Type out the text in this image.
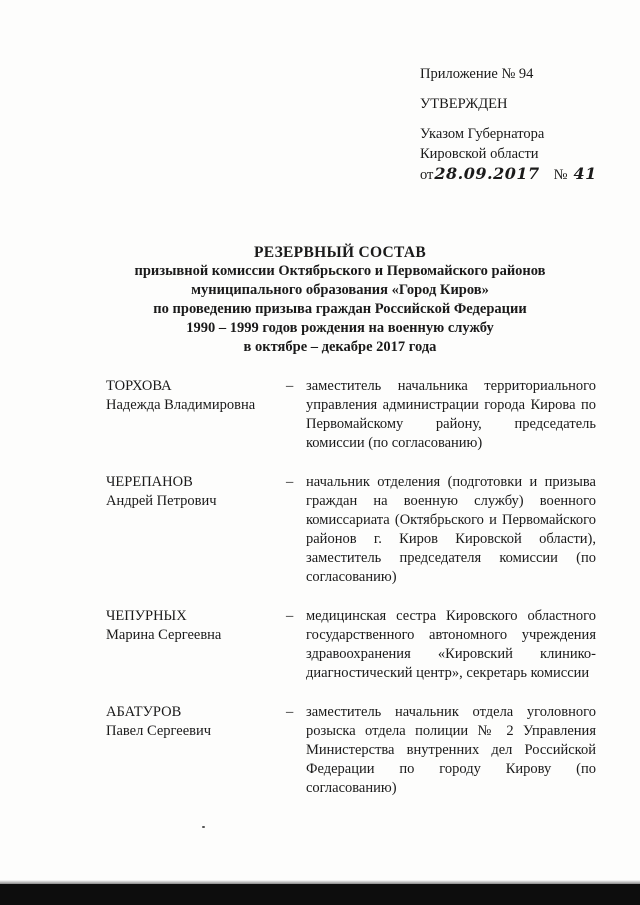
Приложение № 94
УТВЕРЖДЕН
Указом Губернатора
Кировской области
от 28.09.2017 № 41
РЕЗЕРВНЫЙ СОСТАВ
призывной комиссии Октябрьского и Первомайского районов
муниципального образования «Город Киров»
по проведению призыва граждан Российской Федерации
1990 – 1999 годов рождения на военную службу
в октябре – декабре 2017 года
ТОРХОВА
Надежда Владимировна
– заместитель начальника территориального управления администрации города Кирова по Первомайскому району, председатель комиссии (по согласованию)
ЧЕРЕПАНОВ
Андрей Петрович
– начальник отделения (подготовки и призыва граждан на военную службу) военного комиссариата (Октябрьского и Первомайского районов г. Киров Кировской области), заместитель председателя комиссии (по согласованию)
ЧЕПУРНЫХ
Марина Сергеевна
– медицинская сестра Кировского областного государственного автономного учреждения здравоохранения «Кировский клинико-диагностический центр», секретарь комиссии
АБАТУРОВ
Павел Сергеевич
– заместитель начальник отдела уголовного розыска отдела полиции № 2 Управления Министерства внутренних дел Российской Федерации по городу Кирову (по согласованию)
